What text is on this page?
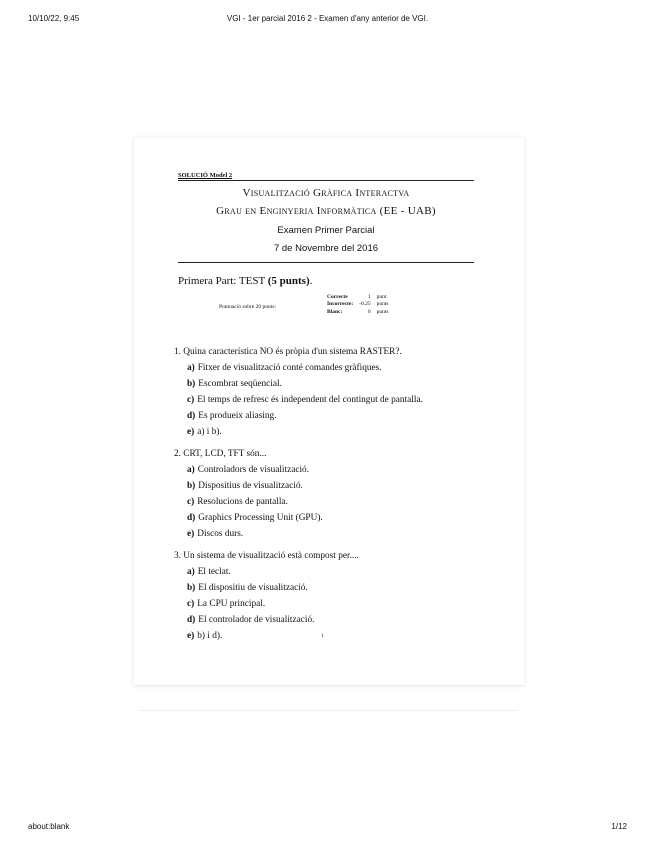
10/10/22, 9:45	VGI - 1er parcial 2016 2 - Examen d'any anterior de VGI.
SOLUCIÓ Model 2
Visualització Gràfica Interactva
Grau en Enginyeria Informàtica (EE - UAB)
Examen Primer Parcial
7 de Novembre del 2016
Primera Part: TEST (5 punts).
Puntuació sobre 20 punts:
Correcte	1	punt
Incorrecte:	-0.25	punts
Blanc:	0	punts
1. Quina característica NO és pròpia d'un sistema RASTER?.
a) Fitxer de visualització conté comandes gràfiques.
b) Escombrat seqüencial.
c) El temps de refresc és independent del contingut de pantalla.
d) Es produeix aliasing.
e) a) i b).
2. CRT, LCD, TFT són...
a) Controladors de visualització.
b) Dispositius de visualització.
c) Resolucions de pantalla.
d) Graphics Processing Unit (GPU).
e) Discos durs.
3. Un sistema de visualització està compost per....
a) El teclat.
b) El dispositiu de visualització.
c) La CPU principal.
d) El controlador de visualització.
e) b) i d).	1
about:blank	1/12
